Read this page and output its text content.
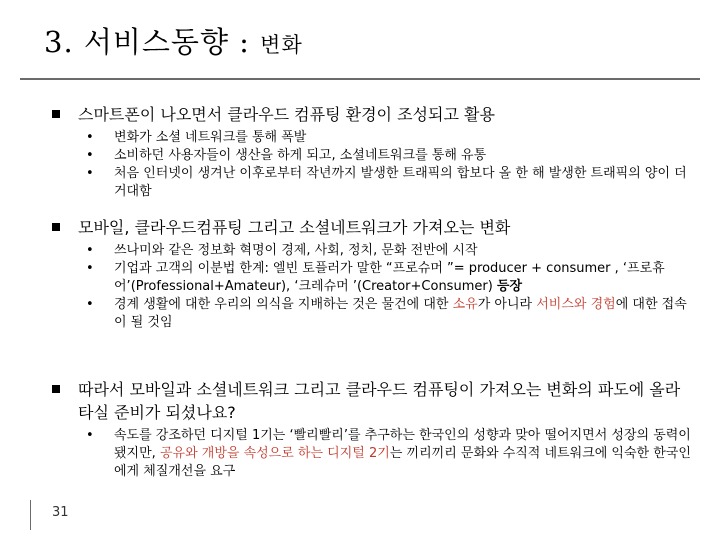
3. 서비스동향 : 변화
스마트폰이 나오면서 클라우드 컴퓨팅 환경이 조성되고 활용
• 변화가 소셜 네트워크를 통해 폭발
• 소비하던 사용자들이 생산을 하게 되고, 소셜네트워크를 통해 유통
• 처음 인터넷이 생겨난 이후로부터 작년까지 발생한 트래픽의 합보다 올 한 해 발생한 트래픽의 양이 더 거대함
모바일, 클라우드컴퓨팅 그리고 소셜네트워크가 가져오는 변화
• 쓰나미와 같은 정보화 혁명이 경제, 사회, 정치, 문화 전반에 시작
• 기업과 고객의 이분법 한계: 엘빈 토플러가 말한 “프로슈머 ”= producer + consumer , ‘프로휴어’(Professional+Amateur), ‘크레슈머 ’(Creator+Consumer) 등장
• 경계 생활에 대한 우리의 의식을 지배하는 것은 물건에 대한 소유가 아니라 서비스와 경험에 대한 접속이 될 것임
따라서 모바일과 소셜네트워크 그리고 클라우드 컴퓨팅이 가져오는 변화의 파도에 올라타실 준비가 되셨나요?
• 속도를 강조하던 디지털 1기는 ‘빨리빨리’를 추구하는 한국인의 성향과 맞아 떨어지면서 성장의 동력이 됐지만, 공유와 개방을 속성으로 하는 디지털 2기는 끼리끼리 문화와 수직적 네트워크에 익숙한 한국인에게 체질개선을 요구
31
